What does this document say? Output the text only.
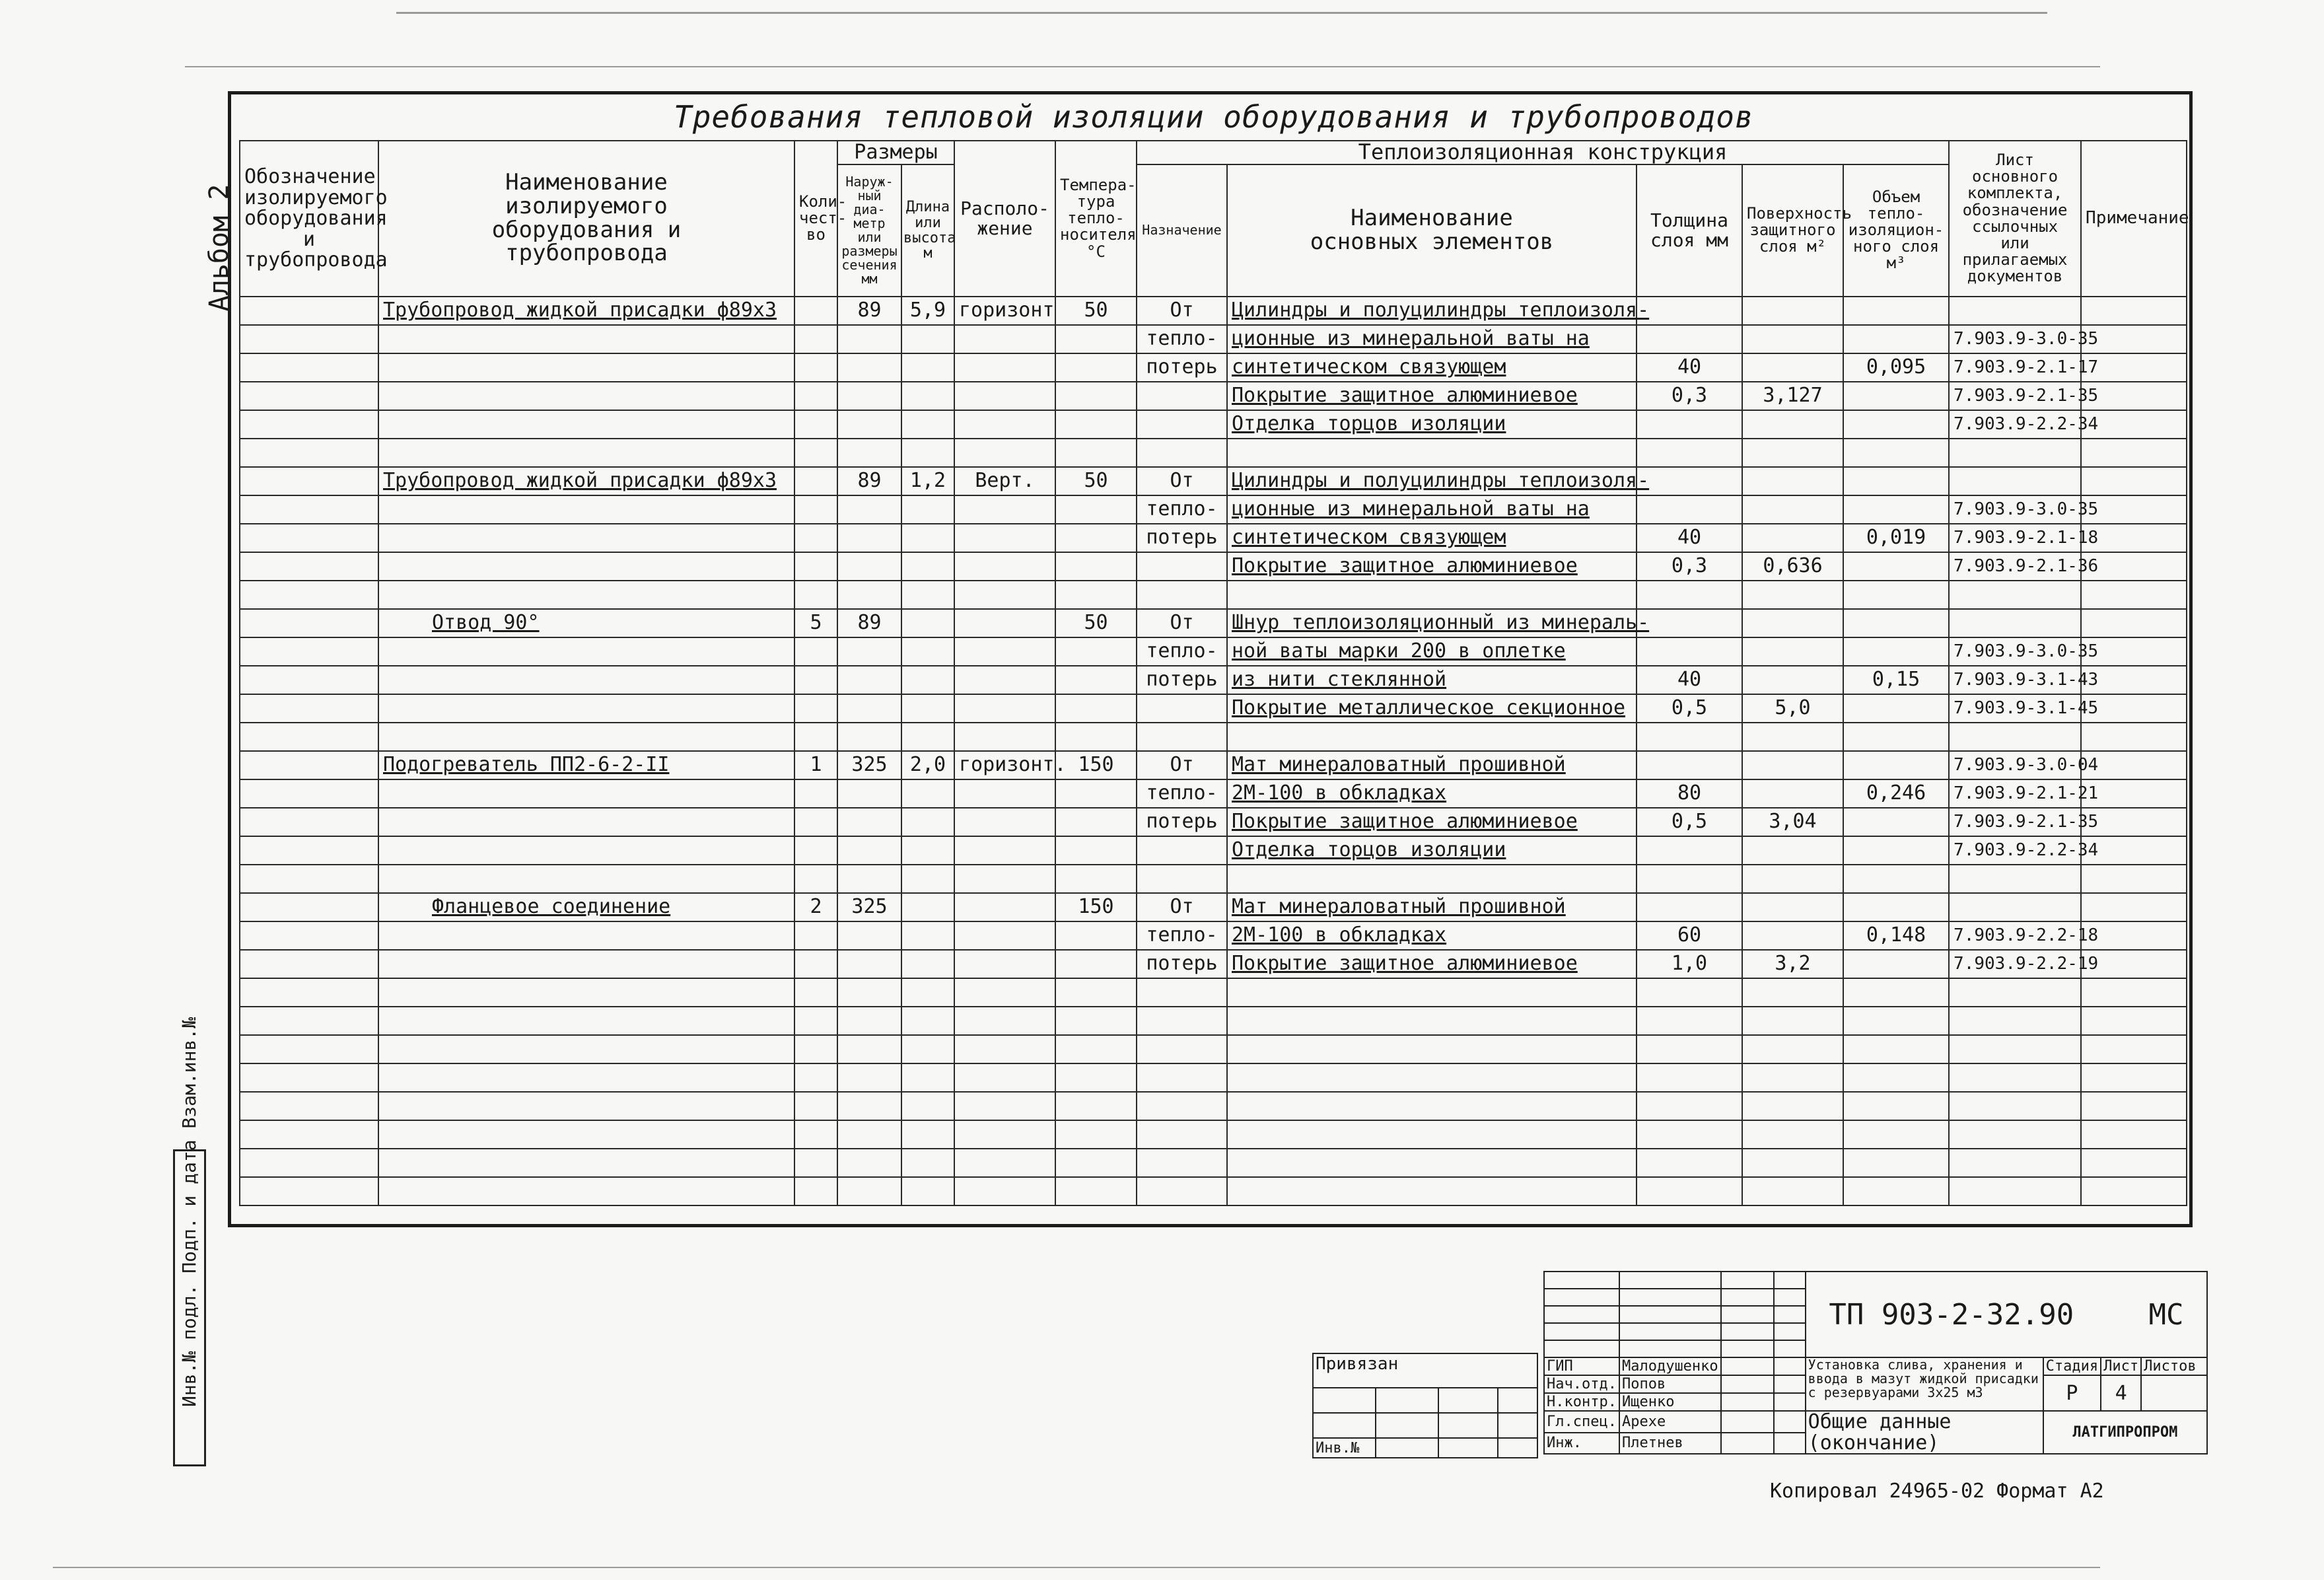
Альбом 2
Инв.№ подл. Подп. и дата Взам.инв.№
Требования тепловой изоляции оборудования и трубопроводов
Обозначение изолируемого оборудования и трубопровода	Наименование изолируемого оборудования и трубопровода	Коли-чест-во	Размеры		Располо-жение	Темпера-тура тепло-носителя °C	Теплоизоляционная конструкция					Лист основного комплекта, обозначение ссылочных или прилагаемых документов	Примечание
			Наруж-ный диа-метр или размеры сечения мм	Длина или высота м			Назначение	Наименование основных элементов	Толщина слоя мм	Поверхность защитного слоя м²	Объем тепло-изоляцион-ного слоя м³		
	Трубопровод жидкой присадки ф89х3		89	5,9	горизонт	50	От	Цилиндры и полуцилиндры теплоизоля-					
							тепло-	ционные из минеральной ваты на				7.903.9-3.0-35	
							потерь	синтетическом связующем	40		0,095	7.903.9-2.1-17	
								Покрытие защитное алюминиевое	0,3	3,127		7.903.9-2.1-35	
								Отделка торцов изоляции				7.903.9-2.2-34	

	Трубопровод жидкой присадки ф89х3		89	1,2	Верт.	50	От	Цилиндры и полуцилиндры теплоизоля-					
							тепло-	ционные из минеральной ваты на				7.903.9-3.0-35	
							потерь	синтетическом связующем	40		0,019	7.903.9-2.1-18	
								Покрытие защитное алюминиевое	0,3	0,636		7.903.9-2.1-36	

	Отвод 90°	5	89			50	От	Шнур теплоизоляционный из минераль-					
							тепло-	ной ваты марки 200 в оплетке				7.903.9-3.0-35	
							потерь	из нити стеклянной	40		0,15	7.903.9-3.1-43	
								Покрытие металлическое секционное	0,5	5,0		7.903.9-3.1-45	

	Подогреватель ПП2-6-2-II	1	325	2,0	горизонт.	150	От	Мат минераловатный прошивной				7.903.9-3.0-04	
							тепло-	2М-100 в обкладках	80		0,246	7.903.9-2.1-21	
							потерь	Покрытие защитное алюминиевое	0,5	3,04		7.903.9-2.1-35	
								Отделка торцов изоляции				7.903.9-2.2-34	

	Фланцевое соединение	2	325			150	От	Мат минераловатный прошивной					
							тепло-	2М-100 в обкладках	60		0,148	7.903.9-2.2-18	
							потерь	Покрытие защитное алюминиевое	1,0	3,2		7.903.9-2.2-19	

Привязан			

Инв.№			
				ТП 903-2-32.90 МС			

ГИП	Малодушенко			Установка слива, хранения и ввода в мазут жидкой присадки с резервуарами 3х25 м3	Стадия	Лист	Листов
Нач.отд.	Попов				Р	4	
Н.контр.	Ищенко						
Гл.спец.	Арехе			Общие данные (окончание)	ЛАТГИПРОПРОМ		
Инж.	Плетнев						
Копировал 24965-02 Формат А2
